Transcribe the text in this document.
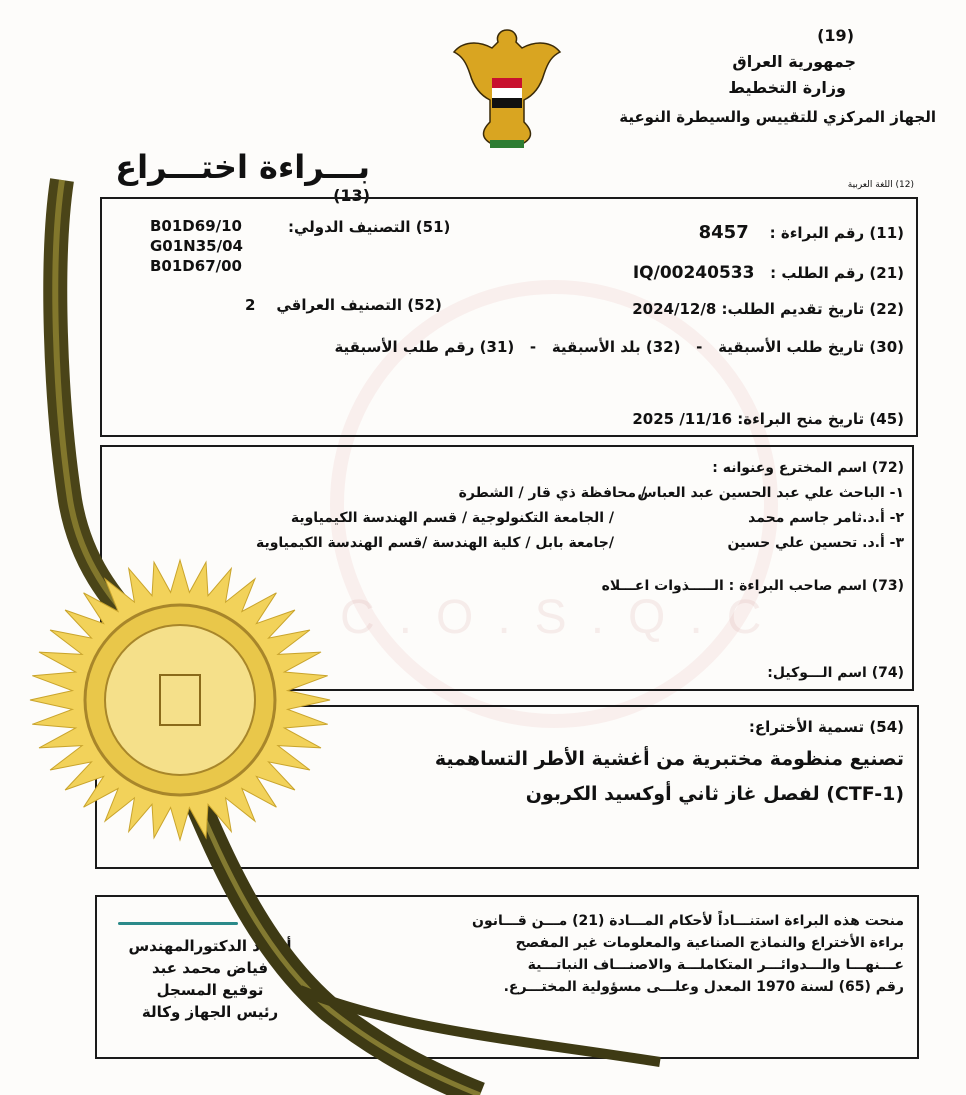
C.O.S.Q.C
(19)
جمهورية العراق
وزارة التخطيط
الجهاز المركزي للتقييس والسيطرة النوعية
بـــراءة اختـــراع (13)
(12) اللغة العربية
(11) رقم البراءة :    8457
(21) رقم الطلب :   IQ/00240533
(22) تاريخ تقديم الطلب: 2024/12/8
(30) تاريخ طلب الأسبقية   -   (32) بلد الأسبقية   -   (31) رقم طلب الأسبقية
(45) تاريخ منح البراءة: 2025 /11/16
(51) التصنيف الدولي:
B01D69/10
G01N35/04
B01D67/00
(52) التصنيف العراقي    2
(72) اسم المخترع وعنوانه :
١- الباحث علي عبد الحسين عبد العباس
/ محافظة ذي قار / الشطرة
٢- أ.د.ثامر جاسم محمد
/ الجامعة التكنولوجية / قسم الهندسة الكيمياوية
٣- أ.د. تحسين علي حسين
/جامعة بابل / كلية الهندسة /قسم الهندسة الكيمياوية
(73) اسم صاحب البراءة : الـــــذوات اعـــلاه
(74) اسم الـــوكيل:
(54) تسمية الأختراع:
تصنيع منظومة مختبرية من أغشية الأطر التساهمية
(CTF-1) لفصل غاز ثاني أوكسيد الكربون
منحت هذه البراءة استنـــاداً لأحكام المـــادة (21) مـــن قـــانون
براءة الأختراع والنماذج الصناعية والمعلومات غير المفصح
عـــنهـــا والـــدوائـــر المتكاملـــة والاصنـــاف النباتـــية
رقم (65) لسنة 1970 المعدل وعلـــى مسؤولية المختـــرع.
أستاذ الدكتورالمهندس
فياض محمد عبد
توقيع المسجل
رئيس الجهاز وكالة
